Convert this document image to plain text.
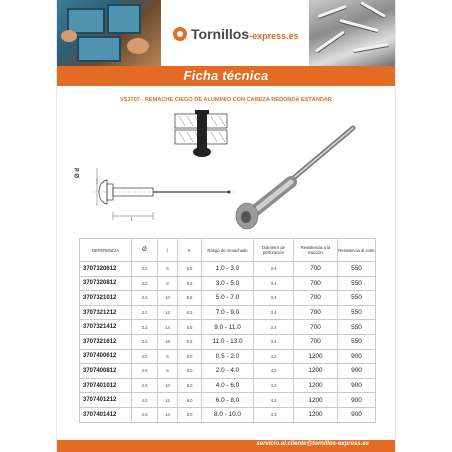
Tornillos-express.es
Ficha técnica
VS3707 - REMACHE CIEGO DE ALUMINIO CON CABEZA REDONDA ESTÁNDAR
Ø d
l
REFERENCIA	Ø	l	K	Rango de remachado	Diámetro de perforación	Resistencia a la tracción	Resistencia al corte
3707320612	3.2	6	6.5	1.0 - 3.0	3.4	700	550
3707320812	3.2	8	6.5	3.0 - 5.0	3.4	700	550
3707321012	3.2	10	6.5	5.0 - 7.0	3.4	700	550
3707321212	3.2	12	6.5	7.0 - 9.0	3.4	700	550
3707321412	3.2	14	6.5	9.0 - 11.0	3.4	700	550
3707321612	3.2	16	6.5	11.0 - 13.0	3.4	700	550
3707400612	4.0	6	8.0	0.5 - 2.0	4.2	1200	900
3707400812	4.0	8	8.0	2.0 - 4.0	4.2	1200	900
3707401012	4.0	10	8.0	4.0 - 6.0	4.2	1200	900
3707401212	4.0	12	8.0	6.0 - 8.0	4.2	1200	900
3707401412	4.0	14	8.0	8.0 - 10.0	4.3	1200	900
servicio.al.cliente@tornillos-express.es
